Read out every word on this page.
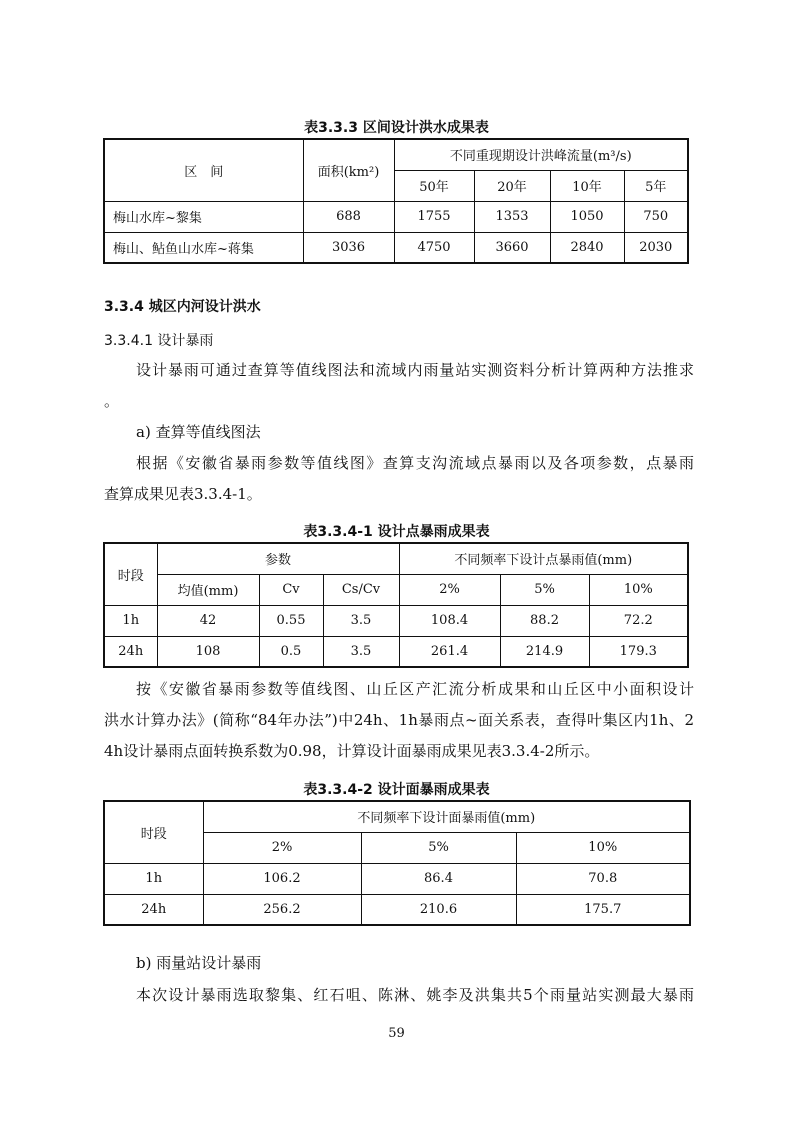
表3.3.3 区间设计洪水成果表
区　间	面积(km²)	不同重现期设计洪峰流量(m³/s)			
		50年	20年	10年	5年
梅山水库~黎集	688	1755	1353	1050	750
梅山、鲇鱼山水库~蒋集	3036	4750	3660	2840	2030
3.3.4 城区内河设计洪水
3.3.4.1 设计暴雨
设计暴雨可通过查算等值线图法和流域内雨量站实测资料分析计算两种方法推求
。
a) 查算等值线图法
根据《安徽省暴雨参数等值线图》查算支沟流域点暴雨以及各项参数，点暴雨
查算成果见表3.3.4-1。
表3.3.4-1 设计点暴雨成果表
时段	参数			不同频率下设计点暴雨值(mm)		
	均值(mm)	Cv	Cs/Cv	2%	5%	10%
1h	42	0.55	3.5	108.4	88.2	72.2
24h	108	0.5	3.5	261.4	214.9	179.3
按《安徽省暴雨参数等值线图、山丘区产汇流分析成果和山丘区中小面积设计
洪水计算办法》(简称“84年办法”)中24h、1h暴雨点~面关系表，查得叶集区内1h、2
4h设计暴雨点面转换系数为0.98，计算设计面暴雨成果见表3.3.4-2所示。
表3.3.4-2 设计面暴雨成果表
时段	不同频率下设计面暴雨值(mm)		
	2%	5%	10%
1h	106.2	86.4	70.8
24h	256.2	210.6	175.7
b) 雨量站设计暴雨
本次设计暴雨选取黎集、红石咀、陈淋、姚李及洪集共5个雨量站实测最大暴雨
59
